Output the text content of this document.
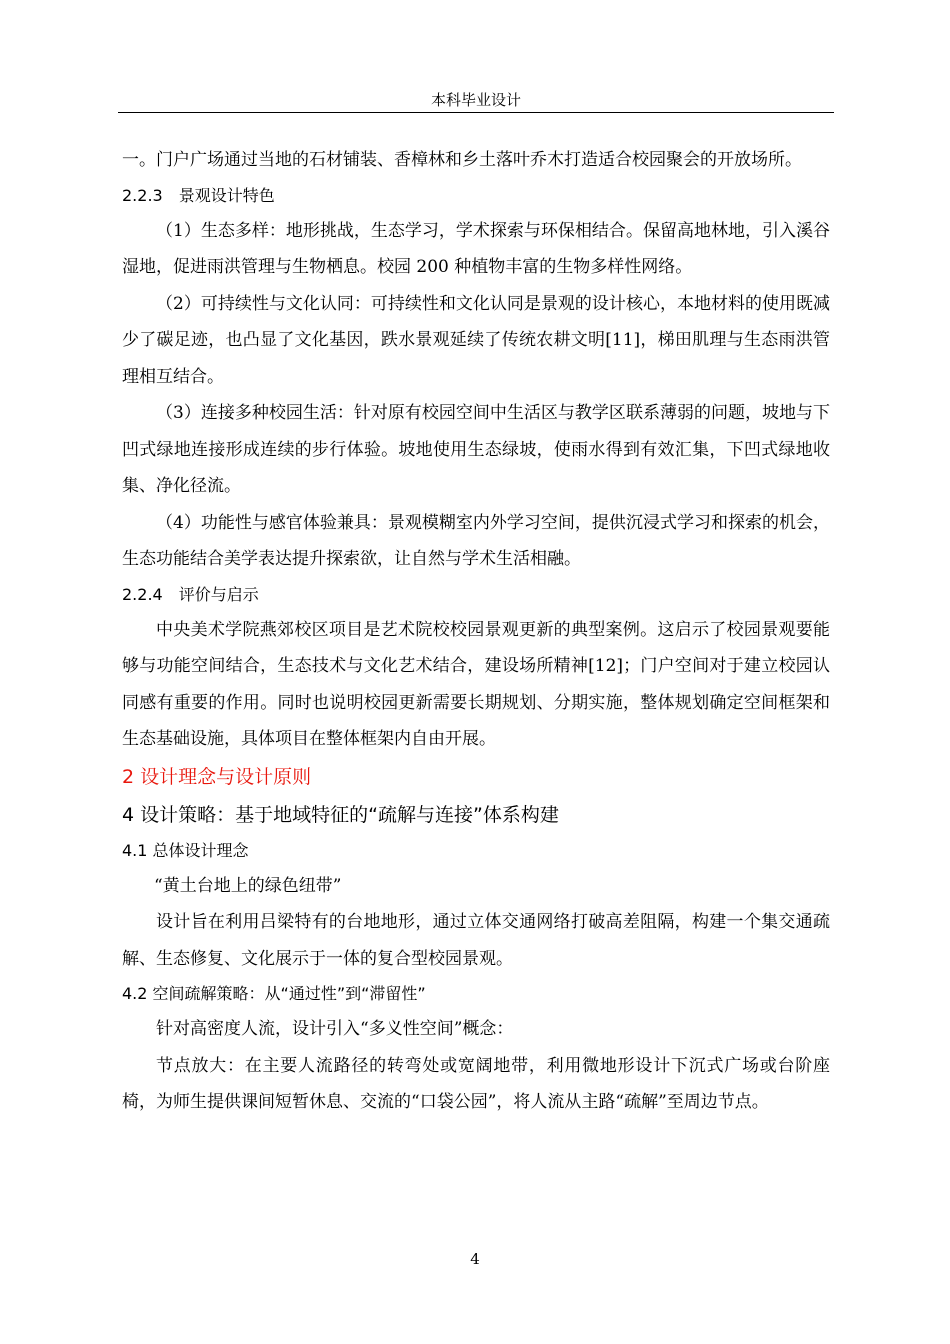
本科毕业设计

一。门户广场通过当地的石材铺装、香樟林和乡土落叶乔木打造适合校园聚会的开放场所。

2.2.3　景观设计特色

（1）生态多样：地形挑战，生态学习，学术探索与环保相结合。保留高地林地，引入溪谷湿地，促进雨洪管理与生物栖息。校园 200 种植物丰富的生物多样性网络。

（2）可持续性与文化认同：可持续性和文化认同是景观的设计核心，本地材料的使用既减少了碳足迹，也凸显了文化基因，跌水景观延续了传统农耕文明[11]，梯田肌理与生态雨洪管理相互结合。

（3）连接多种校园生活：针对原有校园空间中生活区与教学区联系薄弱的问题，坡地与下凹式绿地连接形成连续的步行体验。坡地使用生态绿坡，使雨水得到有效汇集，下凹式绿地收集、净化径流。

（4）功能性与感官体验兼具：景观模糊室内外学习空间，提供沉浸式学习和探索的机会，生态功能结合美学表达提升探索欲，让自然与学术生活相融。

2.2.4　评价与启示

中央美术学院燕郊校区项目是艺术院校校园景观更新的典型案例。这启示了校园景观要能够与功能空间结合，生态技术与文化艺术结合，建设场所精神[12]；门户空间对于建立校园认同感有重要的作用。同时也说明校园更新需要长期规划、分期实施，整体规划确定空间框架和生态基础设施，具体项目在整体框架内自由开展。

2 设计理念与设计原则
4 设计策略：基于地域特征的“疏解与连接”体系构建
4.1 总体设计理念

“黄土台地上的绿色纽带”

设计旨在利用吕梁特有的台地地形，通过立体交通网络打破高差阻隔，构建一个集交通疏解、生态修复、文化展示于一体的复合型校园景观。

4.2 空间疏解策略：从“通过性”到“滞留性”

针对高密度人流，设计引入“多义性空间”概念：

节点放大：在主要人流路径的转弯处或宽阔地带，利用微地形设计下沉式广场或台阶座椅，为师生提供课间短暂休息、交流的“口袋公园”，将人流从主路“疏解”至周边节点。

4
